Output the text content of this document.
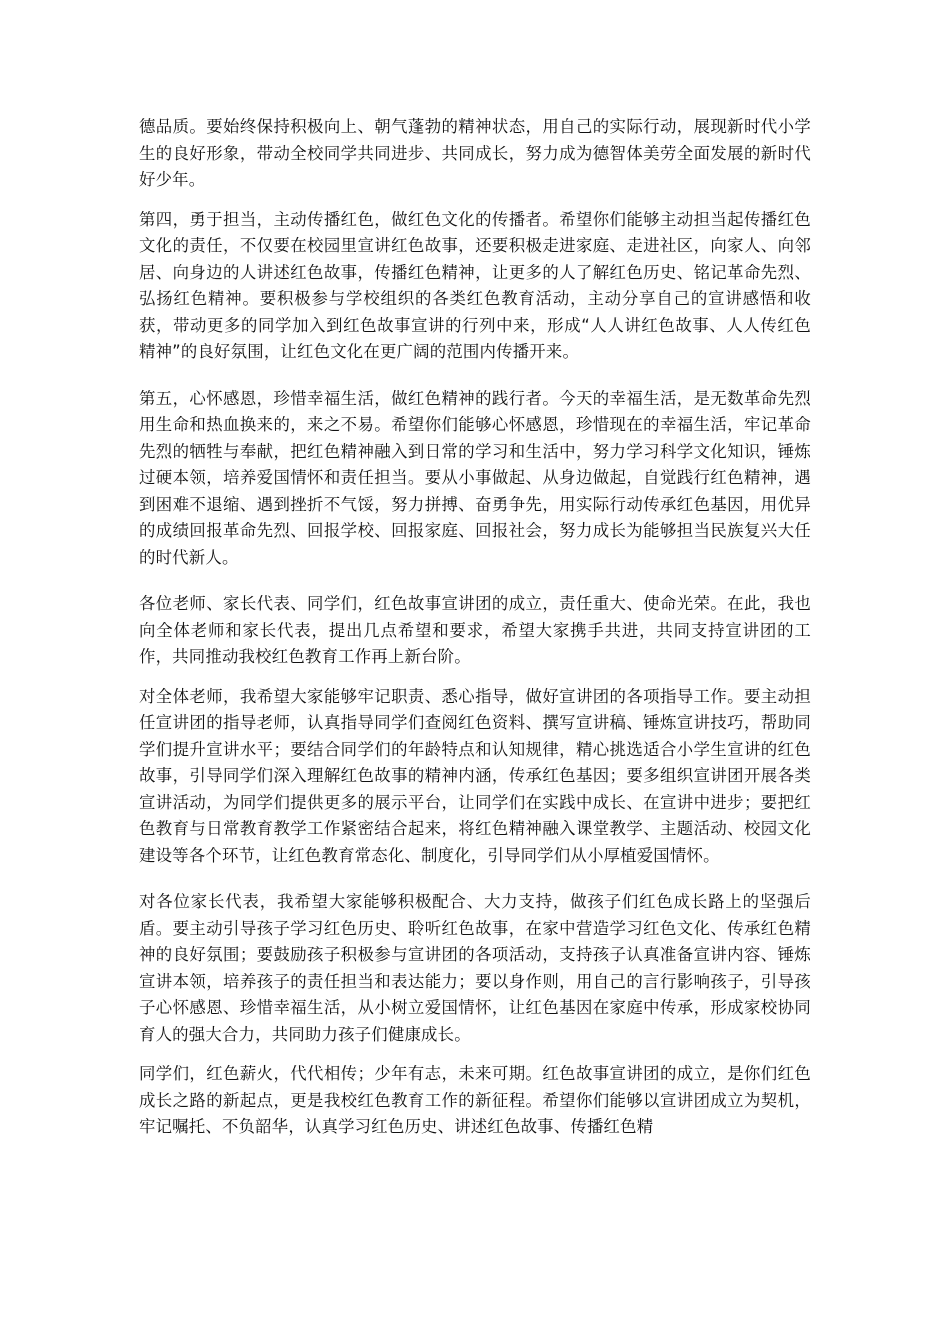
德品质。要始终保持积极向上、朝气蓬勃的精神状态，用自己的实际行动，展现新时代小学生的良好形象，带动全校同学共同进步、共同成长，努力成为德智体美劳全面发展的新时代好少年。

第四，勇于担当，主动传播红色，做红色文化的传播者。希望你们能够主动担当起传播红色文化的责任，不仅要在校园里宣讲红色故事，还要积极走进家庭、走进社区，向家人、向邻居、向身边的人讲述红色故事，传播红色精神，让更多的人了解红色历史、铭记革命先烈、弘扬红色精神。要积极参与学校组织的各类红色教育活动，主动分享自己的宣讲感悟和收获，带动更多的同学加入到红色故事宣讲的行列中来，形成“人人讲红色故事、人人传红色精神”的良好氛围，让红色文化在更广阔的范围内传播开来。

第五，心怀感恩，珍惜幸福生活，做红色精神的践行者。今天的幸福生活，是无数革命先烈用生命和热血换来的，来之不易。希望你们能够心怀感恩，珍惜现在的幸福生活，牢记革命先烈的牺牲与奉献，把红色精神融入到日常的学习和生活中，努力学习科学文化知识，锤炼过硬本领，培养爱国情怀和责任担当。要从小事做起、从身边做起，自觉践行红色精神，遇到困难不退缩、遇到挫折不气馁，努力拼搏、奋勇争先，用实际行动传承红色基因，用优异的成绩回报革命先烈、回报学校、回报家庭、回报社会，努力成长为能够担当民族复兴大任的时代新人。

各位老师、家长代表、同学们，红色故事宣讲团的成立，责任重大、使命光荣。在此，我也向全体老师和家长代表，提出几点希望和要求，希望大家携手共进，共同支持宣讲团的工作，共同推动我校红色教育工作再上新台阶。

对全体老师，我希望大家能够牢记职责、悉心指导，做好宣讲团的各项指导工作。要主动担任宣讲团的指导老师，认真指导同学们查阅红色资料、撰写宣讲稿、锤炼宣讲技巧，帮助同学们提升宣讲水平；要结合同学们的年龄特点和认知规律，精心挑选适合小学生宣讲的红色故事，引导同学们深入理解红色故事的精神内涵，传承红色基因；要多组织宣讲团开展各类宣讲活动，为同学们提供更多的展示平台，让同学们在实践中成长、在宣讲中进步；要把红色教育与日常教育教学工作紧密结合起来，将红色精神融入课堂教学、主题活动、校园文化建设等各个环节，让红色教育常态化、制度化，引导同学们从小厚植爱国情怀。

对各位家长代表，我希望大家能够积极配合、大力支持，做孩子们红色成长路上的坚强后盾。要主动引导孩子学习红色历史、聆听红色故事，在家中营造学习红色文化、传承红色精神的良好氛围；要鼓励孩子积极参与宣讲团的各项活动，支持孩子认真准备宣讲内容、锤炼宣讲本领，培养孩子的责任担当和表达能力；要以身作则，用自己的言行影响孩子，引导孩子心怀感恩、珍惜幸福生活，从小树立爱国情怀，让红色基因在家庭中传承，形成家校协同育人的强大合力，共同助力孩子们健康成长。

同学们，红色薪火，代代相传；少年有志，未来可期。红色故事宣讲团的成立，是你们红色成长之路的新起点，更是我校红色教育工作的新征程。希望你们能够以宣讲团成立为契机，牢记嘱托、不负韶华，认真学习红色历史、讲述红色故事、传播红色精
